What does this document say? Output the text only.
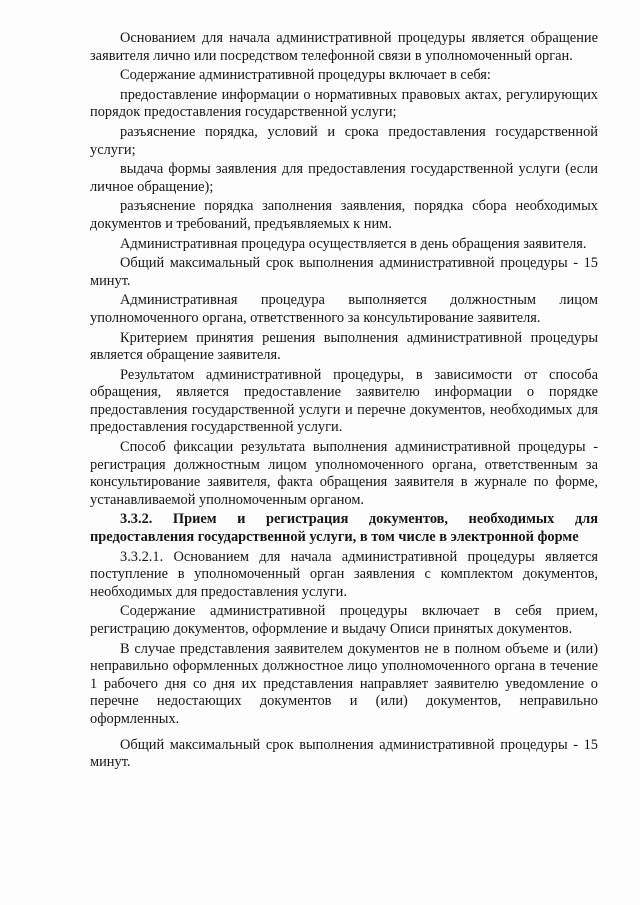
Основанием для начала административной процедуры является обращение заявителя лично или посредством телефонной связи в уполномоченный орган.

Содержание административной процедуры включает в себя:

предоставление информации о нормативных правовых актах, регулирующих порядок предоставления государственной услуги;

разъяснение порядка, условий и срока предоставления государственной услуги;

выдача формы заявления для предоставления государственной услуги (если личное обращение);

разъяснение порядка заполнения заявления, порядка сбора необходимых документов и требований, предъявляемых к ним.

Административная процедура осуществляется в день обращения заявителя.

Общий максимальный срок выполнения административной процедуры - 15 минут.

Административная процедура выполняется должностным лицом уполномоченного органа, ответственного за консультирование заявителя.

Критерием принятия решения выполнения административной процедуры является обращение заявителя.

Результатом административной процедуры, в зависимости от способа обращения, является предоставление заявителю информации о порядке предоставления государственной услуги и перечне документов, необходимых для предоставления государственной услуги.

Способ фиксации результата выполнения административной процедуры - регистрация должностным лицом уполномоченного органа, ответственным за консультирование заявителя, факта обращения заявителя в журнале по форме, устанавливаемой уполномоченным органом.

3.3.2. Прием и регистрация документов, необходимых для предоставления государственной услуги, в том числе в электронной форме

3.3.2.1. Основанием для начала административной процедуры является поступление в уполномоченный орган заявления с комплектом документов, необходимых для предоставления услуги.

Содержание административной процедуры включает в себя прием, регистрацию документов, оформление и выдачу Описи принятых документов.

В случае представления заявителем документов не в полном объеме и (или) неправильно оформленных должностное лицо уполномоченного органа в течение 1 рабочего дня со дня их представления направляет заявителю уведомление о перечне недостающих документов и (или) документов, неправильно оформленных.

Общий максимальный срок выполнения административной процедуры - 15 минут.
